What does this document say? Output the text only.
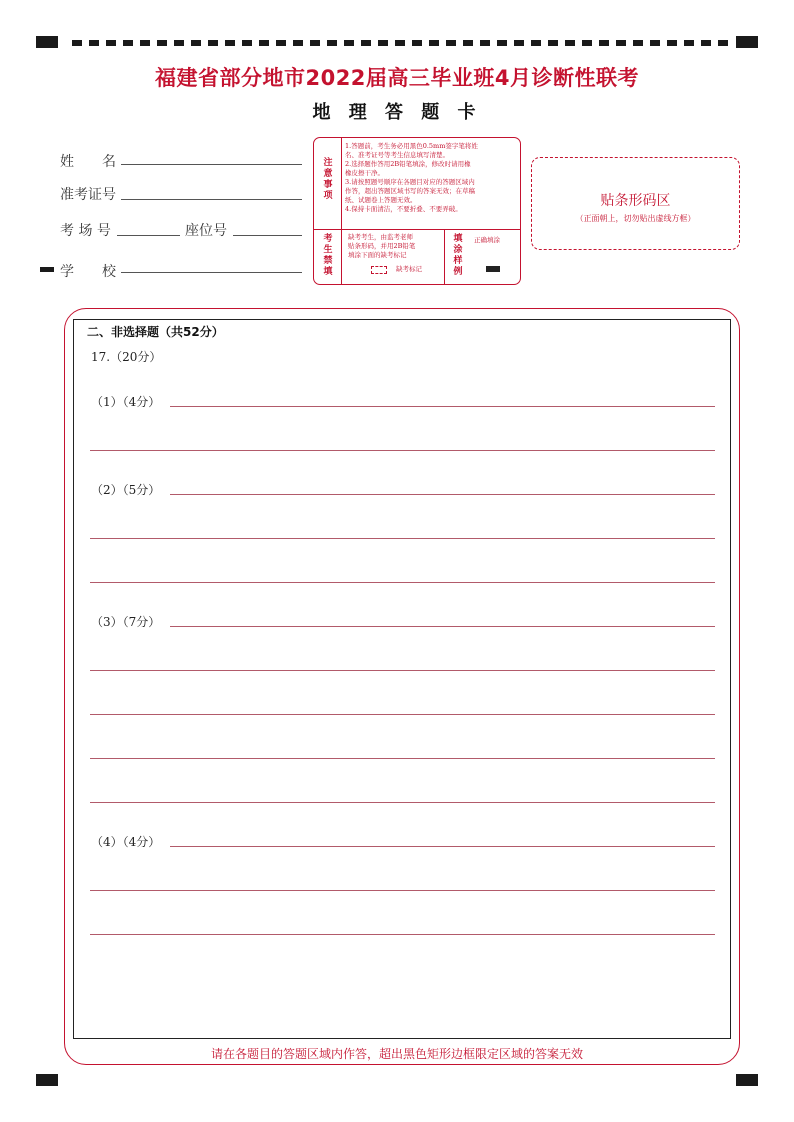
福建省部分地市2022届高三毕业班4月诊断性联考
地 理 答 题 卡
姓　　名
准考证号
考 场 号	座位号
学　　校
注
意
事
项
1.答题前，考生务必用黑色0.5mm签字笔将姓
名、准考证号等考生信息填写清楚。
2.选择题作答用2B铅笔填涂，修改时请用橡
橡皮擦干净。
3.请按照题号顺序在各题目对应的答题区域内
作答，超出答题区域书写的答案无效；在草稿
纸、试题卷上答题无效。
4.保持卡面清洁，不要折叠、不要弄破。
考
生
禁
填
缺考考生，由监考老师
贴条形码，并用2B铅笔
填涂下面的缺考标记
缺考标记
填
涂
样
例
正确填涂
贴条形码区
（正面朝上，切勿贴出虚线方框）
二、非选择题（共52分）
17.（20分）
（1）（4分）
（2）（5分）
（3）（7分）
（4）（4分）
请在各题目的答题区域内作答，超出黑色矩形边框限定区域的答案无效
